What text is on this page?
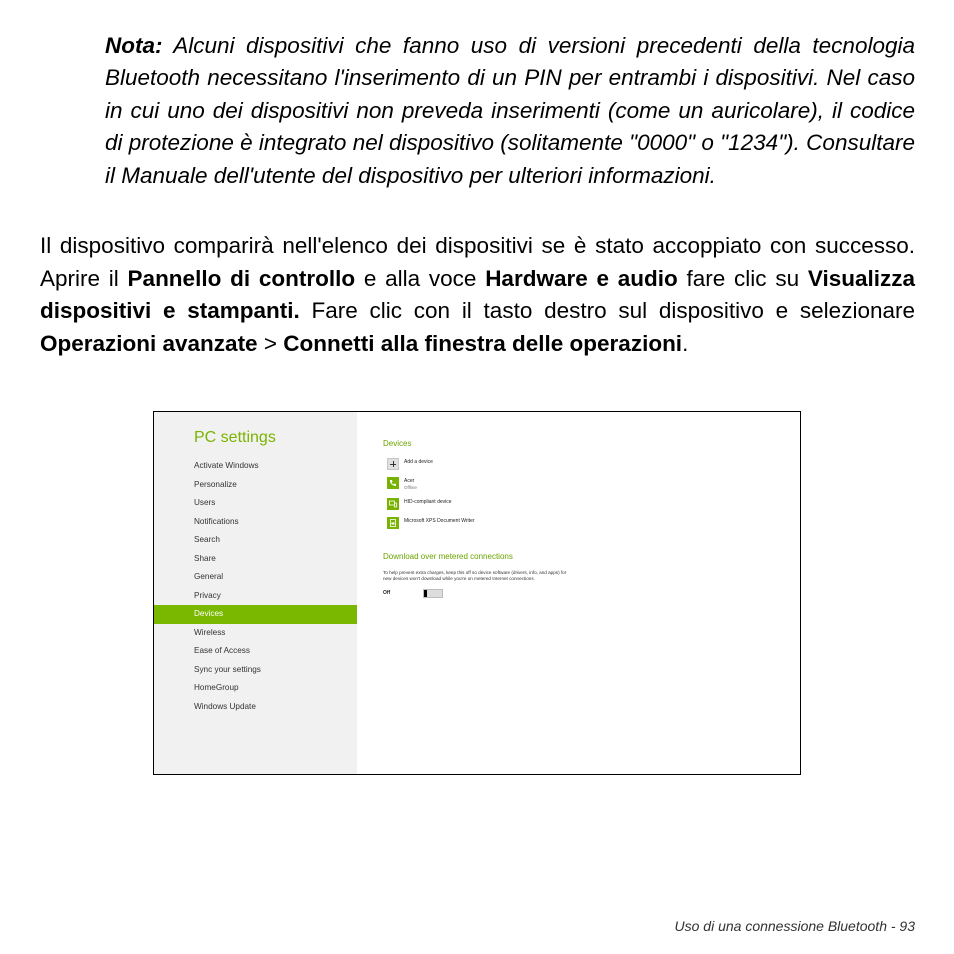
Nota: Alcuni dispositivi che fanno uso di versioni precedenti della tecnologia Bluetooth necessitano l'inserimento di un PIN per entrambi i dispositivi. Nel caso in cui uno dei dispositivi non preveda inserimenti (come un auricolare), il codice di protezione è integrato nel dispositivo (solitamente "0000" o "1234"). Consultare il Manuale dell'utente del dispositivo per ulteriori informazioni.
Il dispositivo comparirà nell'elenco dei dispositivi se è stato accoppiato con successo. Aprire il Pannello di controllo e alla voce Hardware e audio fare clic su Visualizza dispositivi e stampanti. Fare clic con il tasto destro sul dispositivo e selezionare Operazioni avanzate > Connetti alla finestra delle operazioni.
PC settings
Activate Windows
Personalize
Users
Notifications
Search
Share
General
Privacy
Devices
Wireless
Ease of Access
Sync your settings
HomeGroup
Windows Update
Devices
Add a device
Acer
Offline
HID-compliant device
Microsoft XPS Document Writer
Download over metered connections
To help prevent extra charges, keep this off so device software (drivers, info, and apps) for new devices won't download while you're on metered Internet connections.
Off
Uso di una connessione Bluetooth - 93
